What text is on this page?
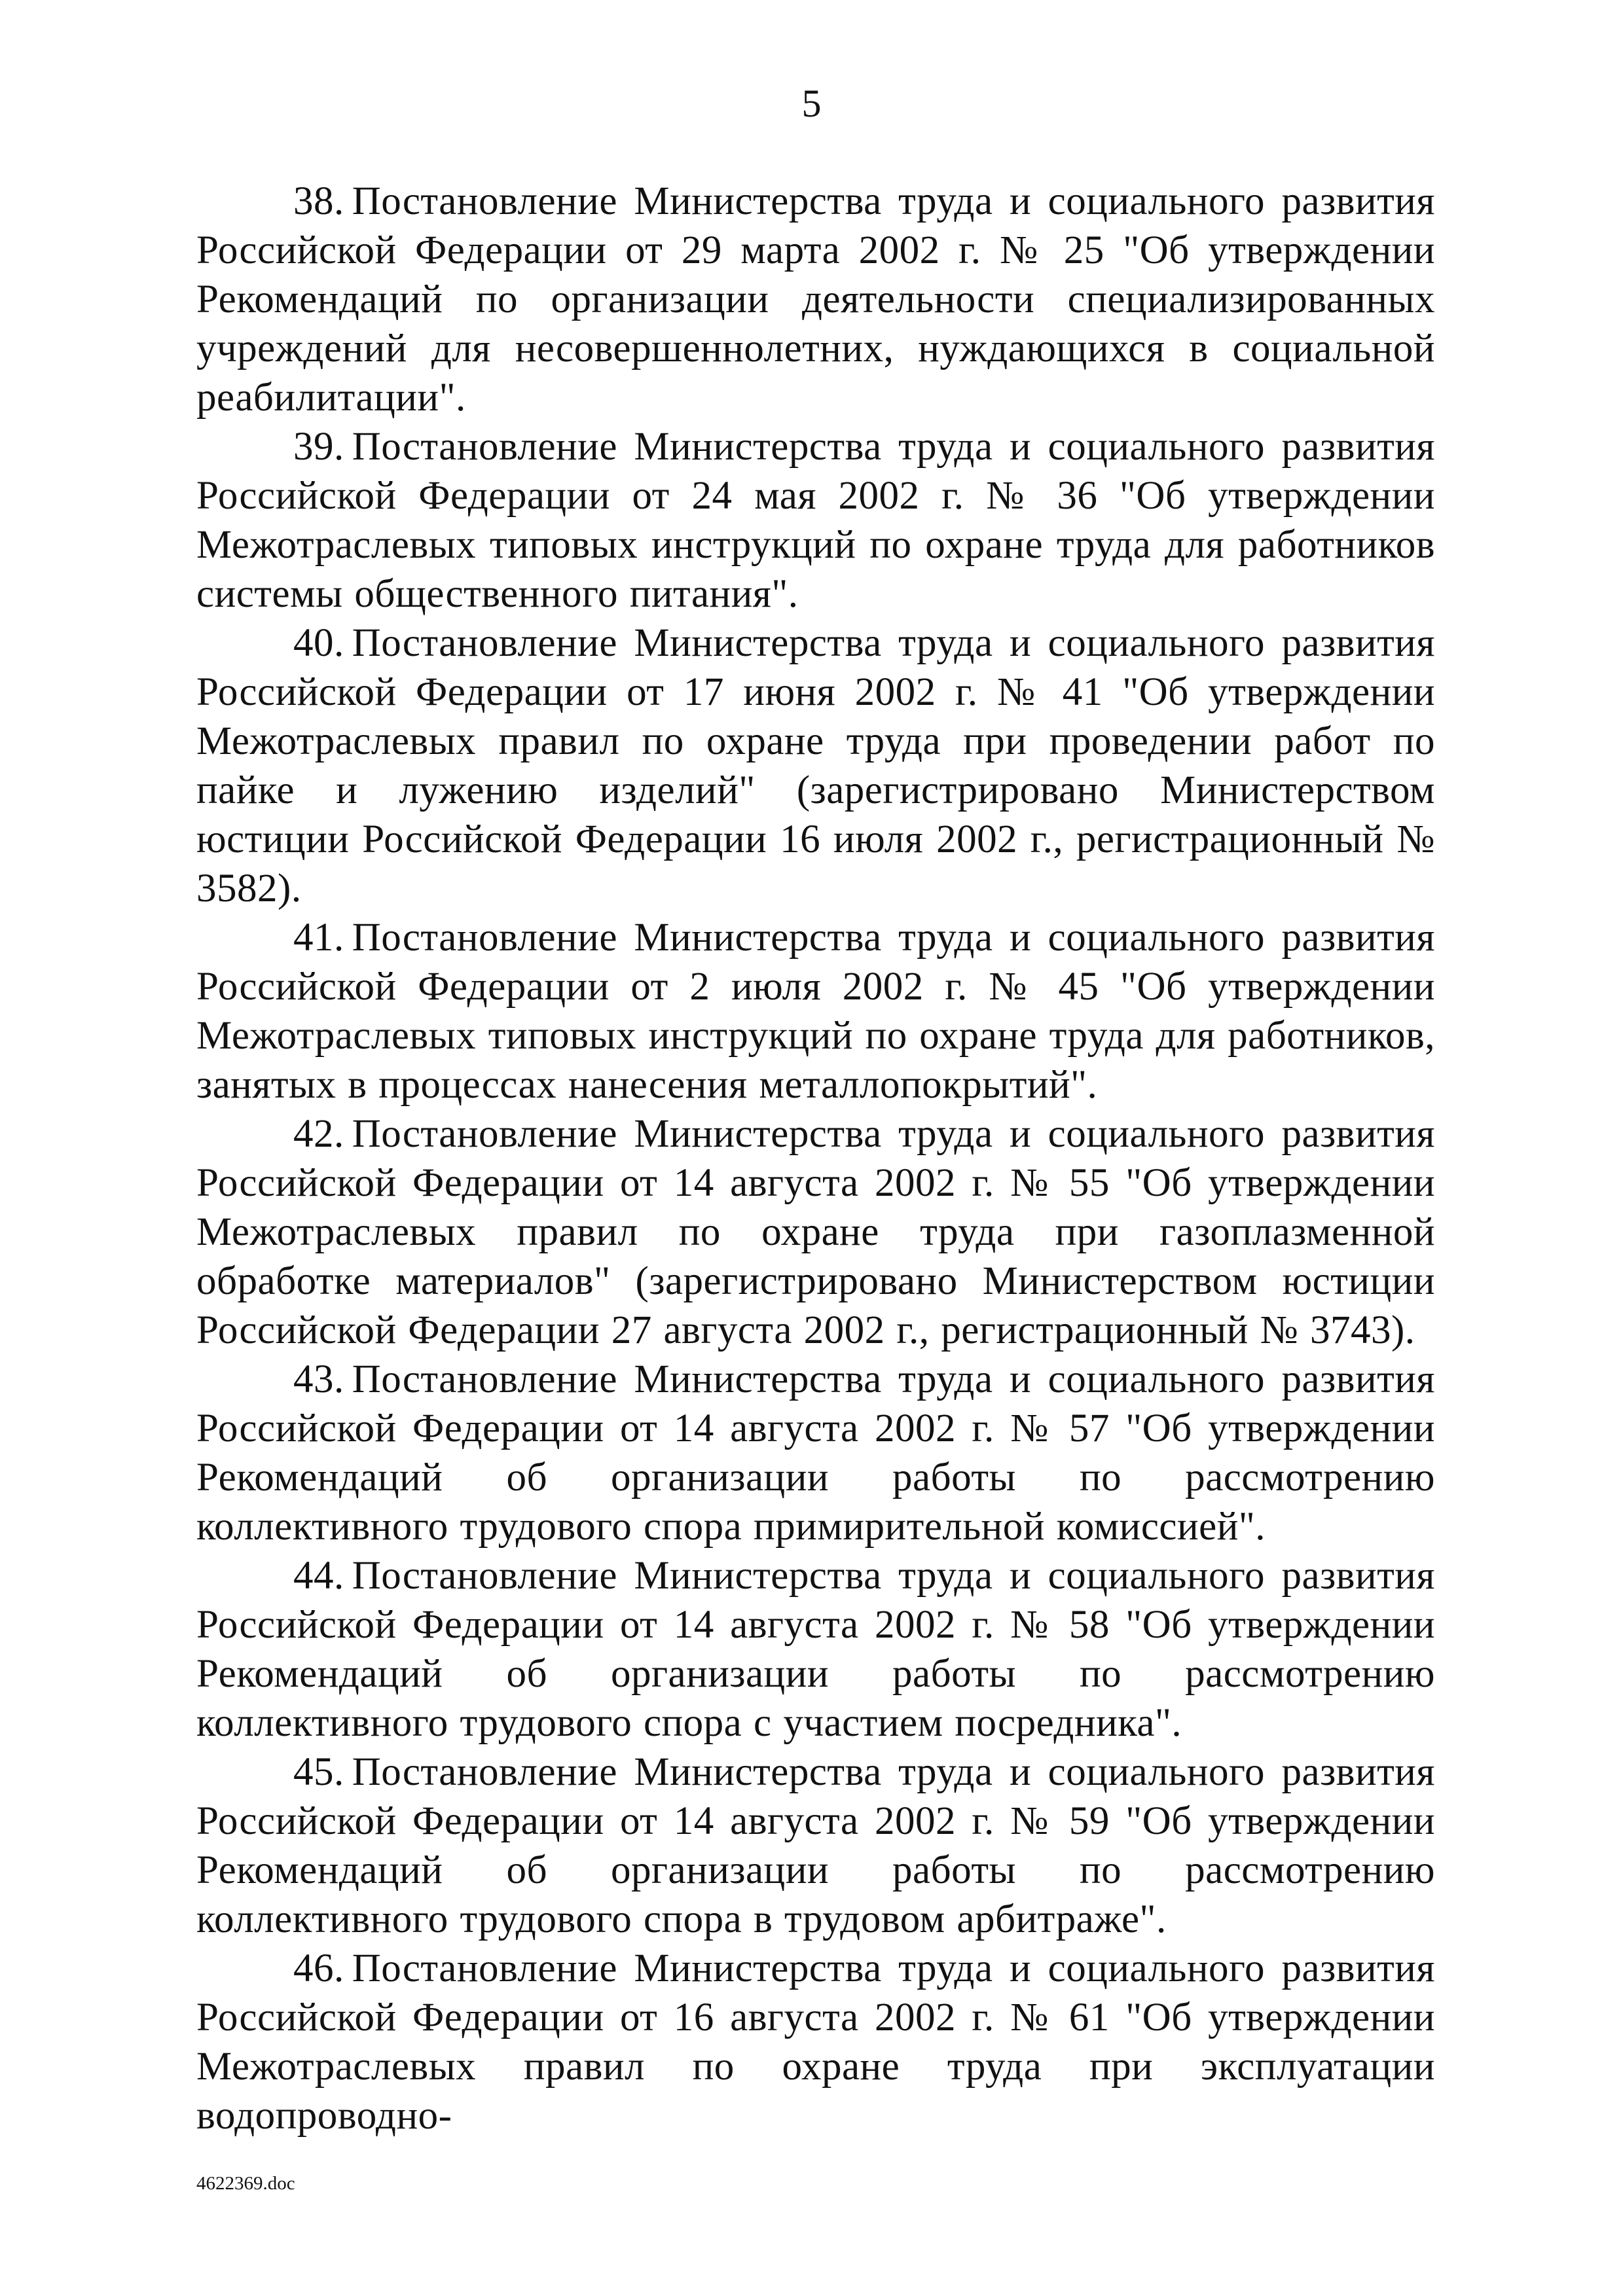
5

38. Постановление Министерства труда и социального развития Российской Федерации от 29 марта 2002 г. № 25 "Об утверждении Рекомендаций по организации деятельности специализированных учреждений для несовершеннолетних, нуждающихся в социальной реабилитации".

39. Постановление Министерства труда и социального развития Российской Федерации от 24 мая 2002 г. № 36 "Об утверждении Межотраслевых типовых инструкций по охране труда для работников системы общественного питания".

40. Постановление Министерства труда и социального развития Российской Федерации от 17 июня 2002 г. № 41 "Об утверждении Межотраслевых правил по охране труда при проведении работ по пайке и лужению изделий" (зарегистрировано Министерством юстиции Российской Федерации 16 июля 2002 г., регистрационный № 3582).

41. Постановление Министерства труда и социального развития Российской Федерации от 2 июля 2002 г. № 45 "Об утверждении Межотраслевых типовых инструкций по охране труда для работников, занятых в процессах нанесения металлопокрытий".

42. Постановление Министерства труда и социального развития Российской Федерации от 14 августа 2002 г. № 55 "Об утверждении Межотраслевых правил по охране труда при газоплазменной обработке материалов" (зарегистрировано Министерством юстиции Российской Федерации 27 августа 2002 г., регистрационный № 3743).

43. Постановление Министерства труда и социального развития Российской Федерации от 14 августа 2002 г. № 57 "Об утверждении Рекомендаций об организации работы по рассмотрению коллективного трудового спора примирительной комиссией".

44. Постановление Министерства труда и социального развития Российской Федерации от 14 августа 2002 г. № 58 "Об утверждении Рекомендаций об организации работы по рассмотрению коллективного трудового спора с участием посредника".

45. Постановление Министерства труда и социального развития Российской Федерации от 14 августа 2002 г. № 59 "Об утверждении Рекомендаций об организации работы по рассмотрению коллективного трудового спора в трудовом арбитраже".

46. Постановление Министерства труда и социального развития Российской Федерации от 16 августа 2002 г. № 61 "Об утверждении Межотраслевых правил по охране труда при эксплуатации водопроводно-

4622369.doc
